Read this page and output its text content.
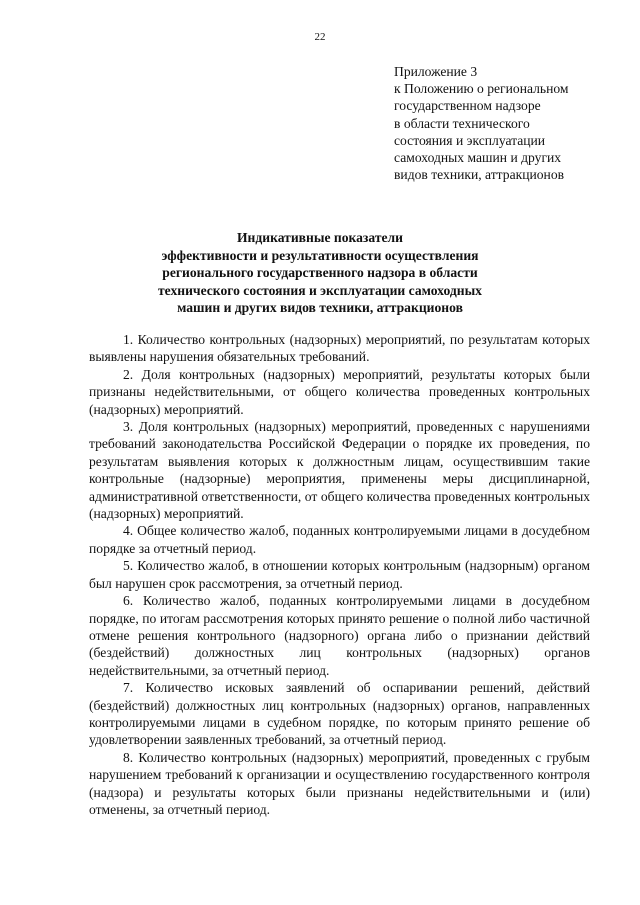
22
Приложение 3
к Положению о региональном
государственном надзоре
в области технического
состояния и эксплуатации
самоходных машин и других
видов техники, аттракционов
Индикативные показатели
эффективности и результативности осуществления
регионального государственного надзора в области
технического состояния и эксплуатации самоходных
машин и других видов техники, аттракционов

1. Количество контрольных (надзорных) мероприятий, по результатам которых выявлены нарушения обязательных требований.

2. Доля контрольных (надзорных) мероприятий, результаты которых были признаны недействительными, от общего количества проведенных контрольных (надзорных) мероприятий.

3. Доля контрольных (надзорных) мероприятий, проведенных с нарушениями требований законодательства Российской Федерации о порядке их проведения, по результатам выявления которых к должностным лицам, осуществившим такие контрольные (надзорные) мероприятия, применены меры дисциплинарной, административной ответственности, от общего количества проведенных контрольных (надзорных) мероприятий.

4. Общее количество жалоб, поданных контролируемыми лицами в досудебном порядке за отчетный период.

5. Количество жалоб, в отношении которых контрольным (надзорным) органом был нарушен срок рассмотрения, за отчетный период.

6. Количество жалоб, поданных контролируемыми лицами в досудебном порядке, по итогам рассмотрения которых принято решение о полной либо частичной отмене решения контрольного (надзорного) органа либо о признании действий (бездействий) должностных лиц контрольных (надзорных) органов недействительными, за отчетный период.

7. Количество исковых заявлений об оспаривании решений, действий (бездействий) должностных лиц контрольных (надзорных) органов, направленных контролируемыми лицами в судебном порядке, по которым принято решение об удовлетворении заявленных требований, за отчетный период.

8. Количество контрольных (надзорных) мероприятий, проведенных с грубым нарушением требований к организации и осуществлению государственного контроля (надзора) и результаты которых были признаны недействительными и (или) отменены, за отчетный период.
